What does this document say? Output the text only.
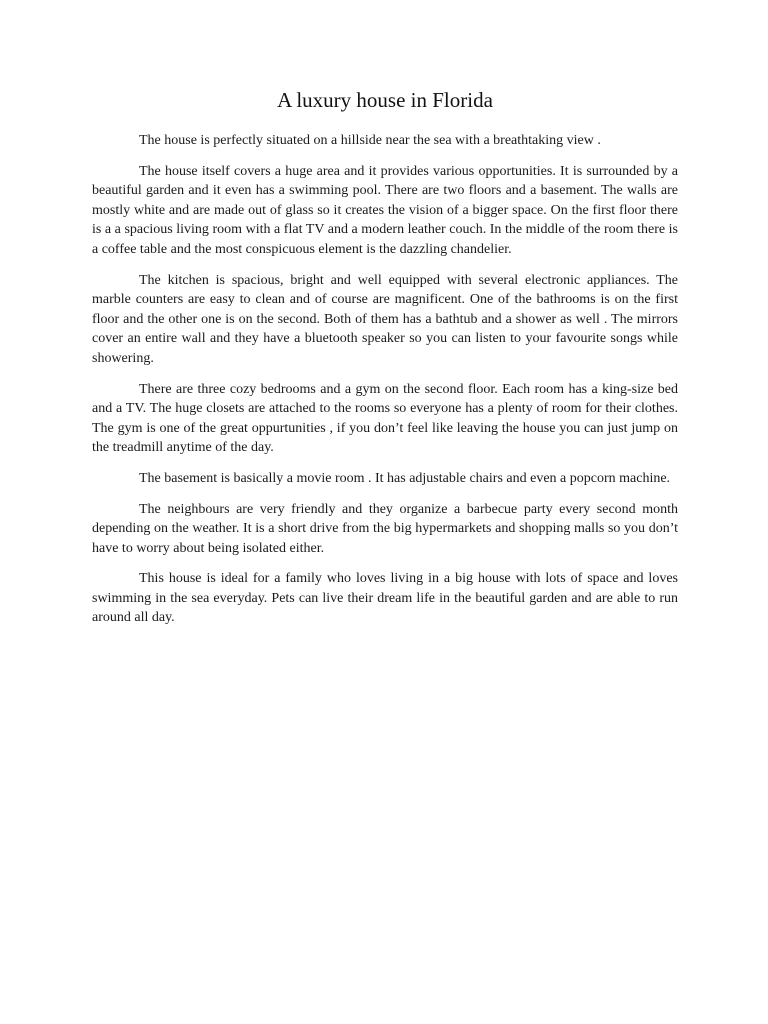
A luxury house in Florida

The house is perfectly situated on a hillside near the sea with a breathtaking view .

The house itself covers a huge area and it provides various opportunities. It is surrounded by a beautiful garden and it even has a swimming pool. There are two floors and a basement. The walls are mostly white and are made out of glass so it creates the vision of a bigger space. On the first floor there is a a spacious living room with a flat TV and a modern leather couch. In the middle of the room there is a coffee table and the most conspicuous element is the dazzling chandelier.

The kitchen is spacious, bright and well equipped with several electronic appliances. The marble counters are easy to clean and of course are magnificent. One of the bathrooms is on the first floor and the other one is on the second. Both of them has a bathtub and a shower as well . The mirrors cover an entire wall and they have a bluetooth speaker so you can listen to your favourite songs while showering.

There are three cozy bedrooms and a gym on the second floor. Each room has a king-size bed and a TV. The huge closets are attached to the rooms so everyone has a plenty of room for their clothes. The gym is one of the great oppurtunities , if you don’t feel like leaving the house you can just jump on the treadmill anytime of the day.

The basement is basically a movie room . It has adjustable chairs and even a popcorn machine.

The neighbours are very friendly and they organize a barbecue party every second month depending on the weather. It is a short drive from the big hypermarkets and shopping malls so you don’t have to worry about being isolated either.

This house is ideal for a family who loves living in a big house with lots of space and loves swimming in the sea everyday. Pets can live their dream life in the beautiful garden and are able to run around all day.
